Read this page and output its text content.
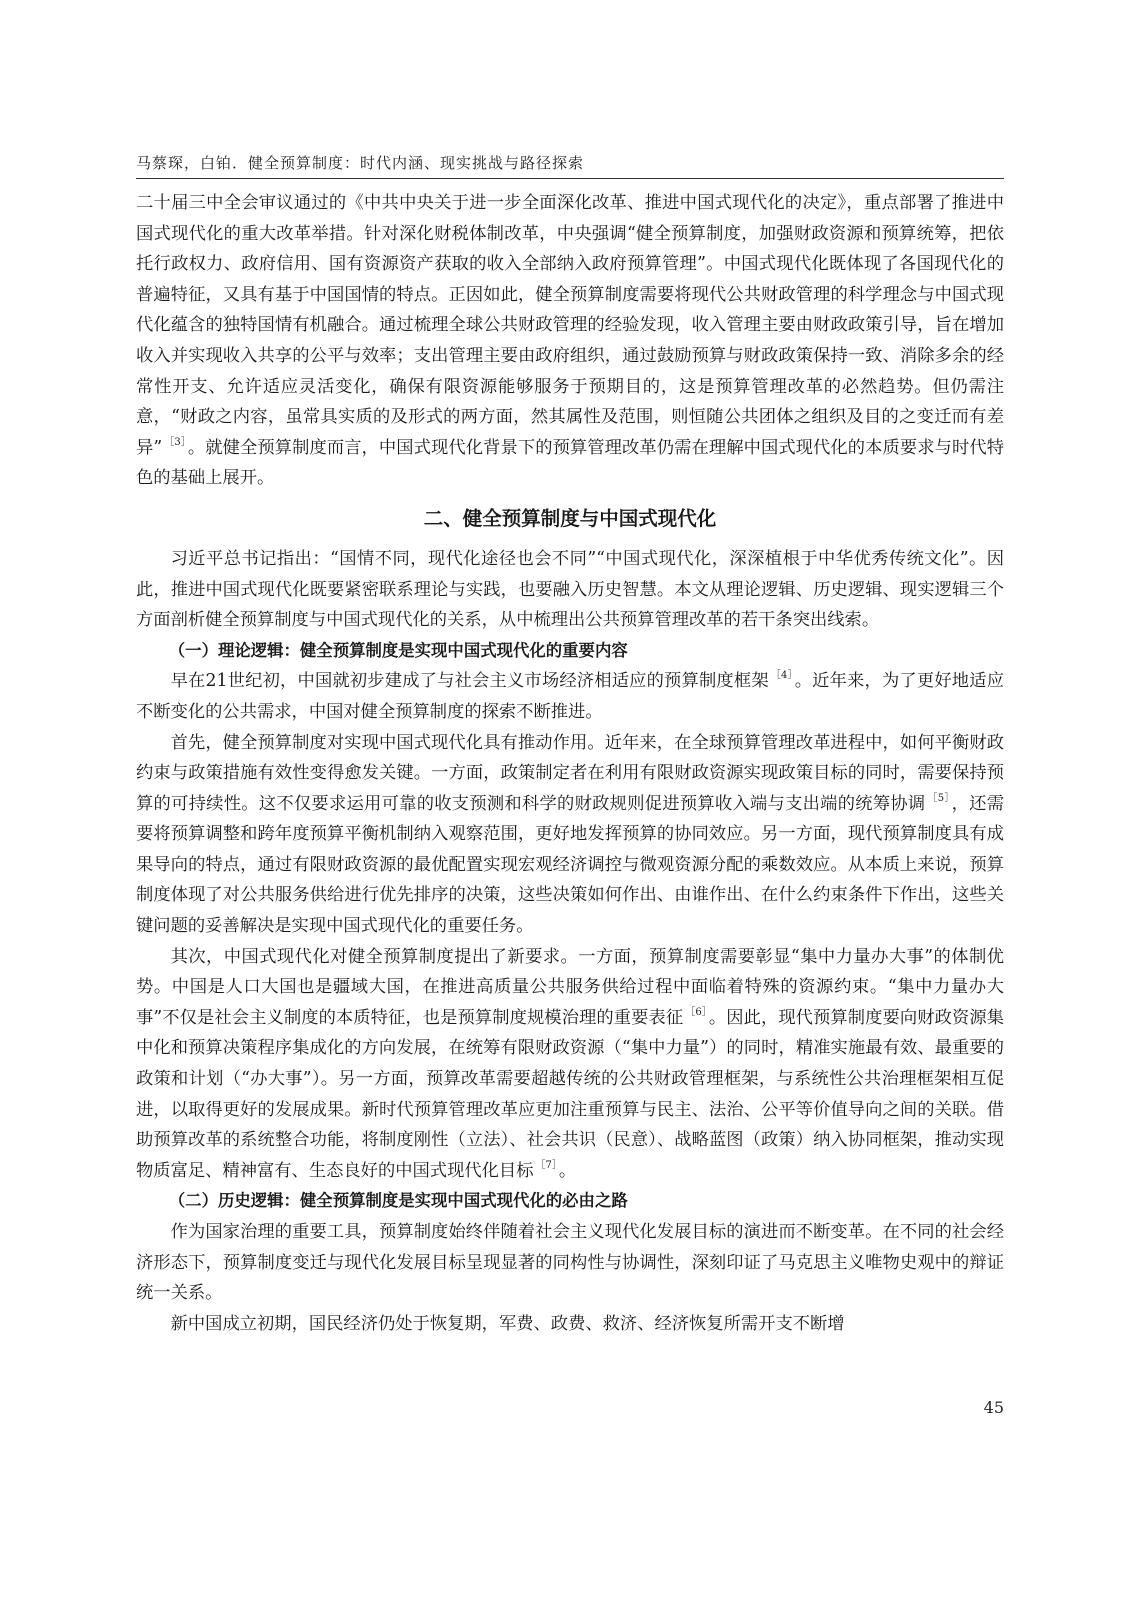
马蔡琛，白铂．健全预算制度：时代内涵、现实挑战与路径探索

二十届三中全会审议通过的《中共中央关于进一步全面深化改革、推进中国式现代化的决定》，重点部署了推进中国式现代化的重大改革举措。针对深化财税体制改革，中央强调“健全预算制度，加强财政资源和预算统筹，把依托行政权力、政府信用、国有资源资产获取的收入全部纳入政府预算管理”。中国式现代化既体现了各国现代化的普遍特征，又具有基于中国国情的特点。正因如此，健全预算制度需要将现代公共财政管理的科学理念与中国式现代化蕴含的独特国情有机融合。通过梳理全球公共财政管理的经验发现，收入管理主要由财政政策引导，旨在增加收入并实现收入共享的公平与效率；支出管理主要由政府组织，通过鼓励预算与财政政策保持一致、消除多余的经常性开支、允许适应灵活变化，确保有限资源能够服务于预期目的，这是预算管理改革的必然趋势。但仍需注意，“财政之内容，虽常具实质的及形式的两方面，然其属性及范围，则恒随公共团体之组织及目的之变迁而有差异” $^{[3]}$ 。就健全预算制度而言，中国式现代化背景下的预算管理改革仍需在理解中国式现代化的本质要求与时代特色的基础上展开。

二、健全预算制度与中国式现代化

习近平总书记指出：“国情不同，现代化途径也会不同”“中国式现代化，深深植根于中华优秀传统文化”。因此，推进中国式现代化既要紧密联系理论与实践，也要融入历史智慧。本文从理论逻辑、历史逻辑、现实逻辑三个方面剖析健全预算制度与中国式现代化的关系，从中梳理出公共预算管理改革的若干条突出线索。

（一）理论逻辑：健全预算制度是实现中国式现代化的重要内容

早在21世纪初，中国就初步建成了与社会主义市场经济相适应的预算制度框架 $^{[4]}$ 。近年来，为了更好地适应不断变化的公共需求，中国对健全预算制度的探索不断推进。

首先，健全预算制度对实现中国式现代化具有推动作用。近年来，在全球预算管理改革进程中，如何平衡财政约束与政策措施有效性变得愈发关键。一方面，政策制定者在利用有限财政资源实现政策目标的同时，需要保持预算的可持续性。这不仅要求运用可靠的收支预测和科学的财政规则促进预算收入端与支出端的统筹协调 $^{[5]}$ ，还需要将预算调整和跨年度预算平衡机制纳入观察范围，更好地发挥预算的协同效应。另一方面，现代预算制度具有成果导向的特点，通过有限财政资源的最优配置实现宏观经济调控与微观资源分配的乘数效应。从本质上来说，预算制度体现了对公共服务供给进行优先排序的决策，这些决策如何作出、由谁作出、在什么约束条件下作出，这些关键问题的妥善解决是实现中国式现代化的重要任务。

其次，中国式现代化对健全预算制度提出了新要求。一方面，预算制度需要彰显“集中力量办大事”的体制优势。中国是人口大国也是疆域大国，在推进高质量公共服务供给过程中面临着特殊的资源约束。“集中力量办大事”不仅是社会主义制度的本质特征，也是预算制度规模治理的重要表征 $^{[6]}$ 。因此，现代预算制度要向财政资源集中化和预算决策程序集成化的方向发展，在统筹有限财政资源（“集中力量”）的同时，精准实施最有效、最重要的政策和计划（“办大事”）。另一方面，预算改革需要超越传统的公共财政管理框架，与系统性公共治理框架相互促进，以取得更好的发展成果。新时代预算管理改革应更加注重预算与民主、法治、公平等价值导向之间的关联。借助预算改革的系统整合功能，将制度刚性（立法）、社会共识（民意）、战略蓝图（政策）纳入协同框架，推动实现物质富足、精神富有、生态良好的中国式现代化目标 $^{[7]}$ 。

（二）历史逻辑：健全预算制度是实现中国式现代化的必由之路

作为国家治理的重要工具，预算制度始终伴随着社会主义现代化发展目标的演进而不断变革。在不同的社会经济形态下，预算制度变迁与现代化发展目标呈现显著的同构性与协调性，深刻印证了马克思主义唯物史观中的辩证统一关系。

新中国成立初期，国民经济仍处于恢复期，军费、政费、救济、经济恢复所需开支不断增

45
